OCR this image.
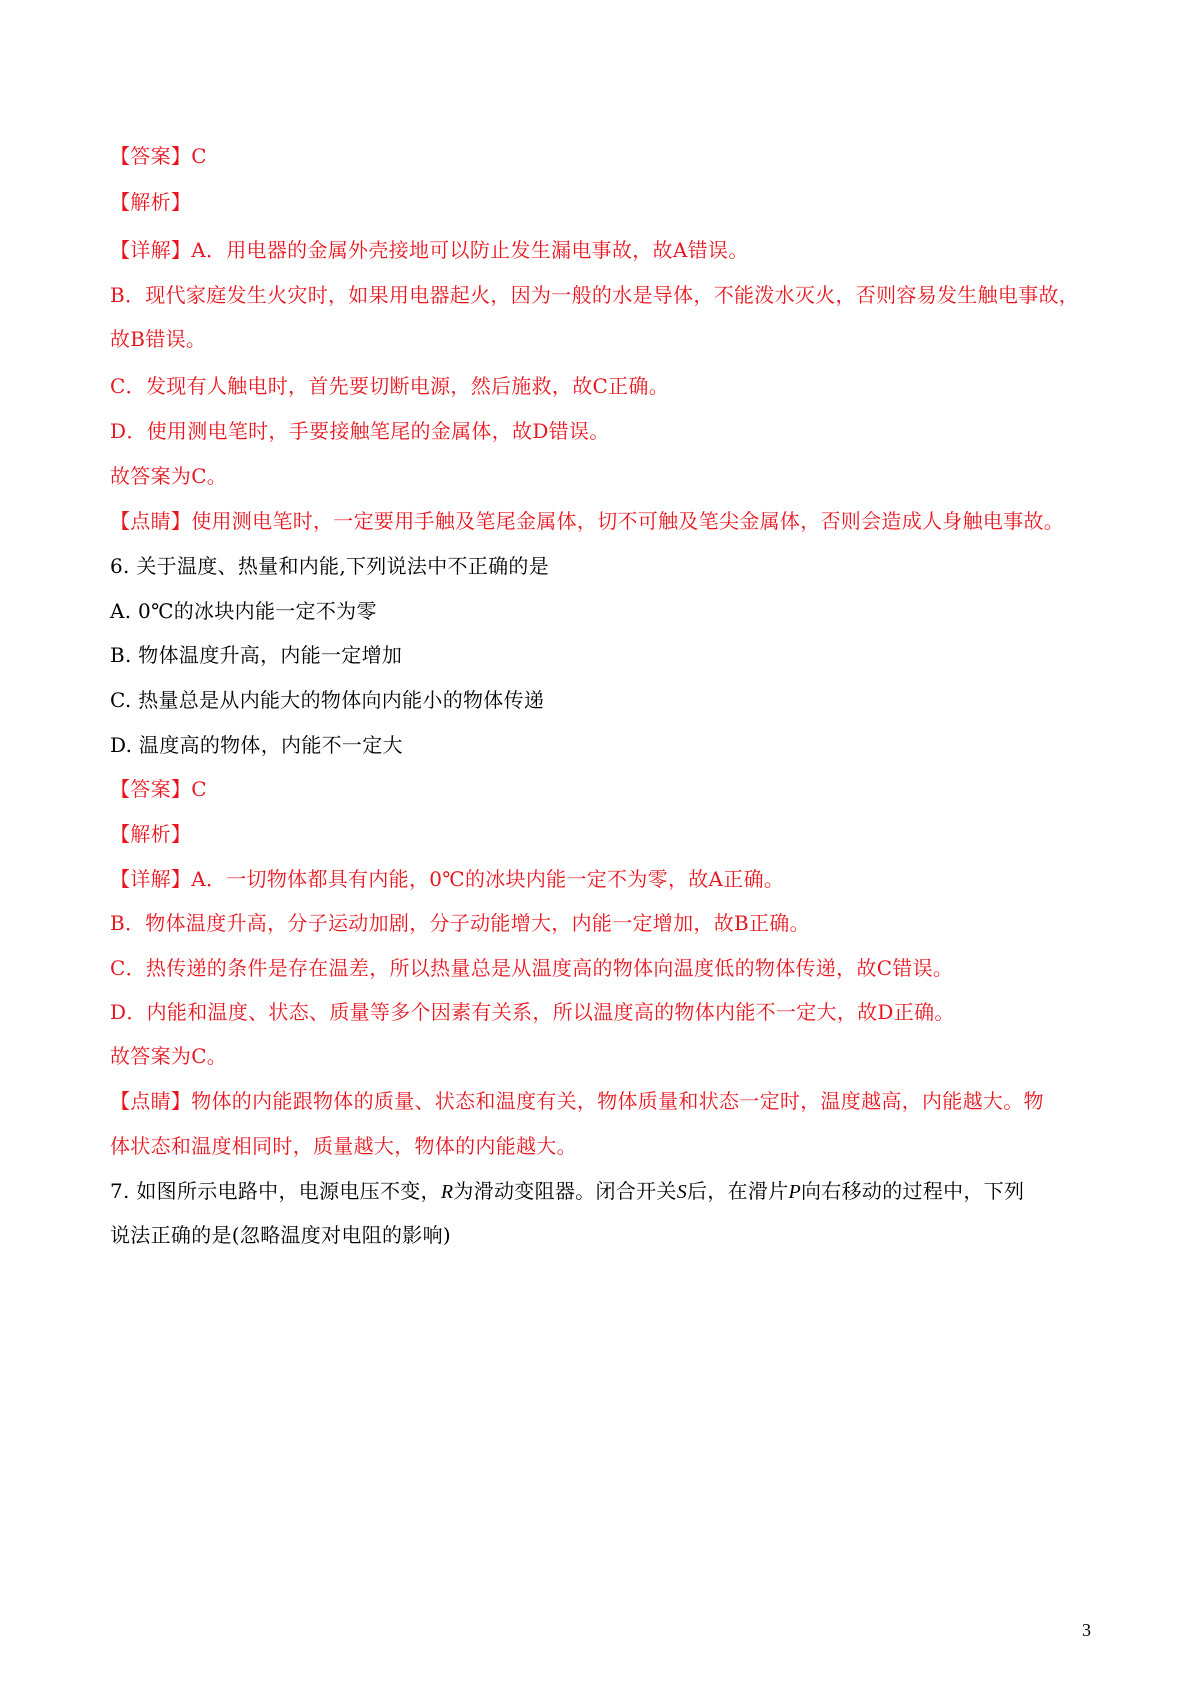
【答案】C
【解析】
【详解】A．用电器的金属外壳接地可以防止发生漏电事故，故A错误。
B．现代家庭发生火灾时，如果用电器起火，因为一般的水是导体，不能泼水灭火，否则容易发生触电事故，
故B错误。
C．发现有人触电时，首先要切断电源，然后施救，故C正确。
D．使用测电笔时，手要接触笔尾的金属体，故D错误。
故答案为C。
【点睛】使用测电笔时，一定要用手触及笔尾金属体，切不可触及笔尖金属体，否则会造成人身触电事故。
6. 关于温度、热量和内能,下列说法中不正确的是
A. 0℃的冰块内能一定不为零
B. 物体温度升高，内能一定增加
C. 热量总是从内能大的物体向内能小的物体传递
D. 温度高的物体，内能不一定大
【答案】C
【解析】
【详解】A．一切物体都具有内能，0℃的冰块内能一定不为零，故A正确。
B．物体温度升高，分子运动加剧，分子动能增大，内能一定增加，故B正确。
C．热传递的条件是存在温差，所以热量总是从温度高的物体向温度低的物体传递，故C错误。
D．内能和温度、状态、质量等多个因素有关系，所以温度高的物体内能不一定大，故D正确。
故答案为C。
【点睛】物体的内能跟物体的质量、状态和温度有关，物体质量和状态一定时，温度越高，内能越大。物
体状态和温度相同时，质量越大，物体的内能越大。
7. 如图所示电路中，电源电压不变，R为滑动变阻器。闭合开关S后，在滑片P向右移动的过程中，下列
说法正确的是(忽略温度对电阻的影响)
3
